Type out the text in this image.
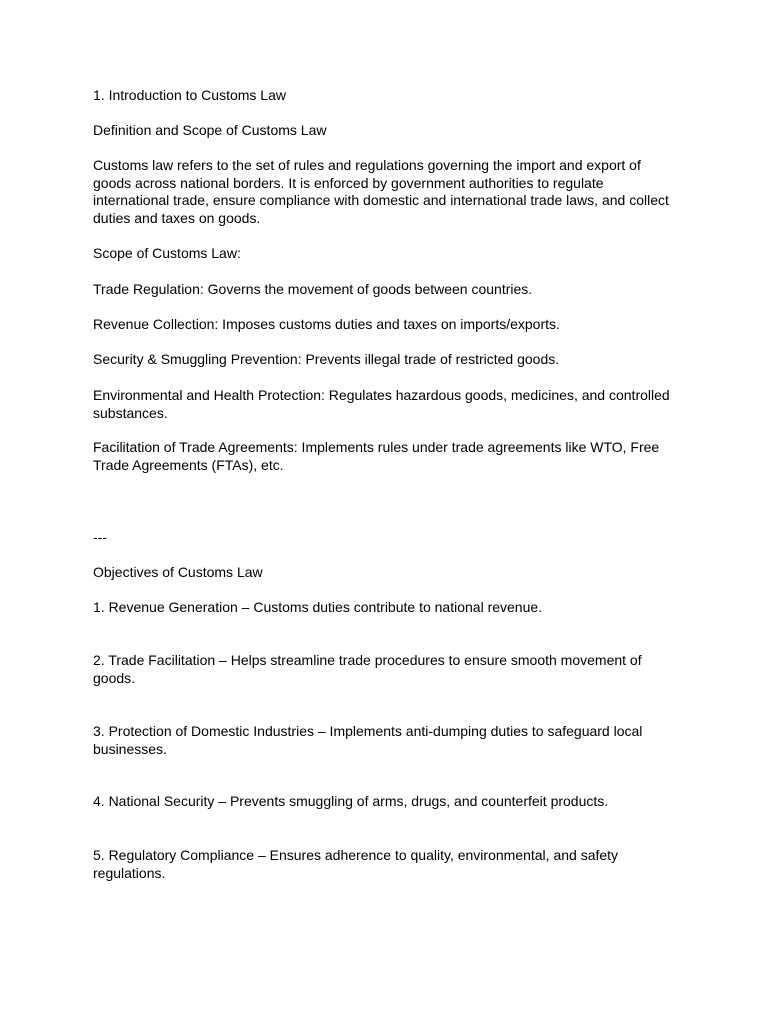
1. Introduction to Customs Law

Definition and Scope of Customs Law

Customs law refers to the set of rules and regulations governing the import and export of goods across national borders. It is enforced by government authorities to regulate international trade, ensure compliance with domestic and international trade laws, and collect duties and taxes on goods.

Scope of Customs Law:

Trade Regulation: Governs the movement of goods between countries.

Revenue Collection: Imposes customs duties and taxes on imports/exports.

Security & Smuggling Prevention: Prevents illegal trade of restricted goods.

Environmental and Health Protection: Regulates hazardous goods, medicines, and controlled substances.

Facilitation of Trade Agreements: Implements rules under trade agreements like WTO, Free Trade Agreements (FTAs), etc.

---

Objectives of Customs Law

1. Revenue Generation – Customs duties contribute to national revenue.

2. Trade Facilitation – Helps streamline trade procedures to ensure smooth movement of goods.

3. Protection of Domestic Industries – Implements anti-dumping duties to safeguard local businesses.

4. National Security – Prevents smuggling of arms, drugs, and counterfeit products.

5. Regulatory Compliance – Ensures adherence to quality, environmental, and safety regulations.
